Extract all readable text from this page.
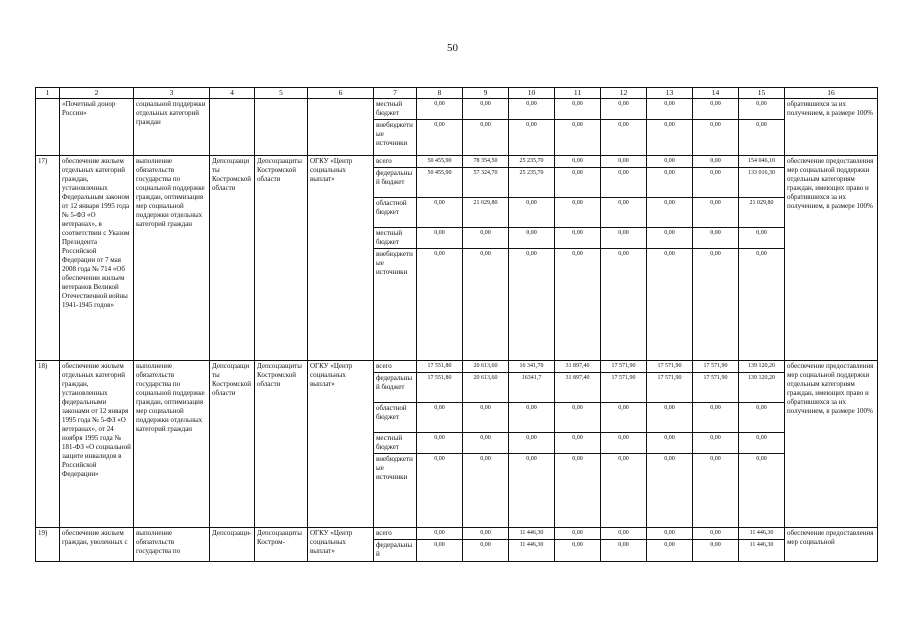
50
1	2	3	4	5	6	7	8	9	10	11	12	13	14	15	16
	«Почетный донор России»	социальной поддержки отдельных категорий граждан				местный бюджет	0,00	0,00	0,00	0,00	0,00	0,00	0,00	0,00	обратившихся за их получением, в размере 100%
						внебюджетные источники	0,00	0,00	0,00	0,00	0,00	0,00	0,00	0,00	
17)	обеспечение жильем отдельных категорий граждан, установленных Федеральным законом от 12 января 1995 года № 5-ФЗ «О ветеранах», в соответствии с Указом Президента Российской Федерации от 7 мая 2008 года № 714 «Об обеспечении жильем ветеранов Великой Отечественной войны 1941-1945 годов»	выполнение обязательств государства по социальной поддержке граждан, оптимизация мер социальной поддержки отдельных категорий граждан	Депсоцзащиты Костромской области	Депсоцзащиты Костромской области	ОГКУ «Центр социальных выплат»	всего	50 455,90	78 354,50	25 235,70	0,00	0,00	0,00	0,00	154 046,10	обеспечение предоставления мер социальной поддержки отдельным категориям граждан, имеющих право и обратившихся за их получением, в размере 100%
						федеральный бюджет	50 455,90	57 324,70	25 235,70	0,00	0,00	0,00	0,00	133 016,30	
						областной бюджет	0,00	21 029,80	0,00	0,00	0,00	0,00	0,00	21 029,80	
						местный бюджет	0,00	0,00	0,00	0,00	0,00	0,00	0,00	0,00	
						внебюджетные источники	0,00	0,00	0,00	0,00	0,00	0,00	0,00	0,00	
18)	обеспечение жильем отдельных категорий граждан, установленных федеральными законами от 12 января 1995 года № 5-ФЗ «О ветеранах», от 24 ноября 1995 года № 181-ФЗ «О социальной защите инвалидов в Российской Федерации»	выполнение обязательств государства по социальной поддержке граждан, оптимизация мер социальной поддержки отдельных категорий граждан	Депсоцзащиты Костромской области	Депсоцзащиты Костромской области	ОГКУ «Центр социальных выплат»	всего	17 551,80	20 613,60	16 341,70	31 897,40	17 571,90	17 571,90	17 571,90	139 120,20	обеспечение предоставления мер социальной поддержки отдельным категориям граждан, имеющих право и обратившихся за их получением, в размере 100%
						федеральный бюджет	17 551,80	20 613,60	16341,7	31 897,40	17 571,90	17 571,90	17 571,90	139 120,20	
						областной бюджет	0,00	0,00	0,00	0,00	0,00	0,00	0,00	0,00	
						местный бюджет	0,00	0,00	0,00	0,00	0,00	0,00	0,00	0,00	
						внебюджетные источники	0,00	0,00	0,00	0,00	0,00	0,00	0,00	0,00	
19)	обеспечение жильем граждан, уволенных с	выполнение обязательств государства по	Депсоцзащи-	Депсоцзащиты Костром-	ОГКУ «Центр социальных выплат»	всего	0,00	0,00	11 446,30	0,00	0,00	0,00	0,00	11 446,30	обеспечение предоставления мер социальной
						федеральный	0,00	0,00	11 446,30	0,00	0,00	0,00	0,00	11 446,30	
